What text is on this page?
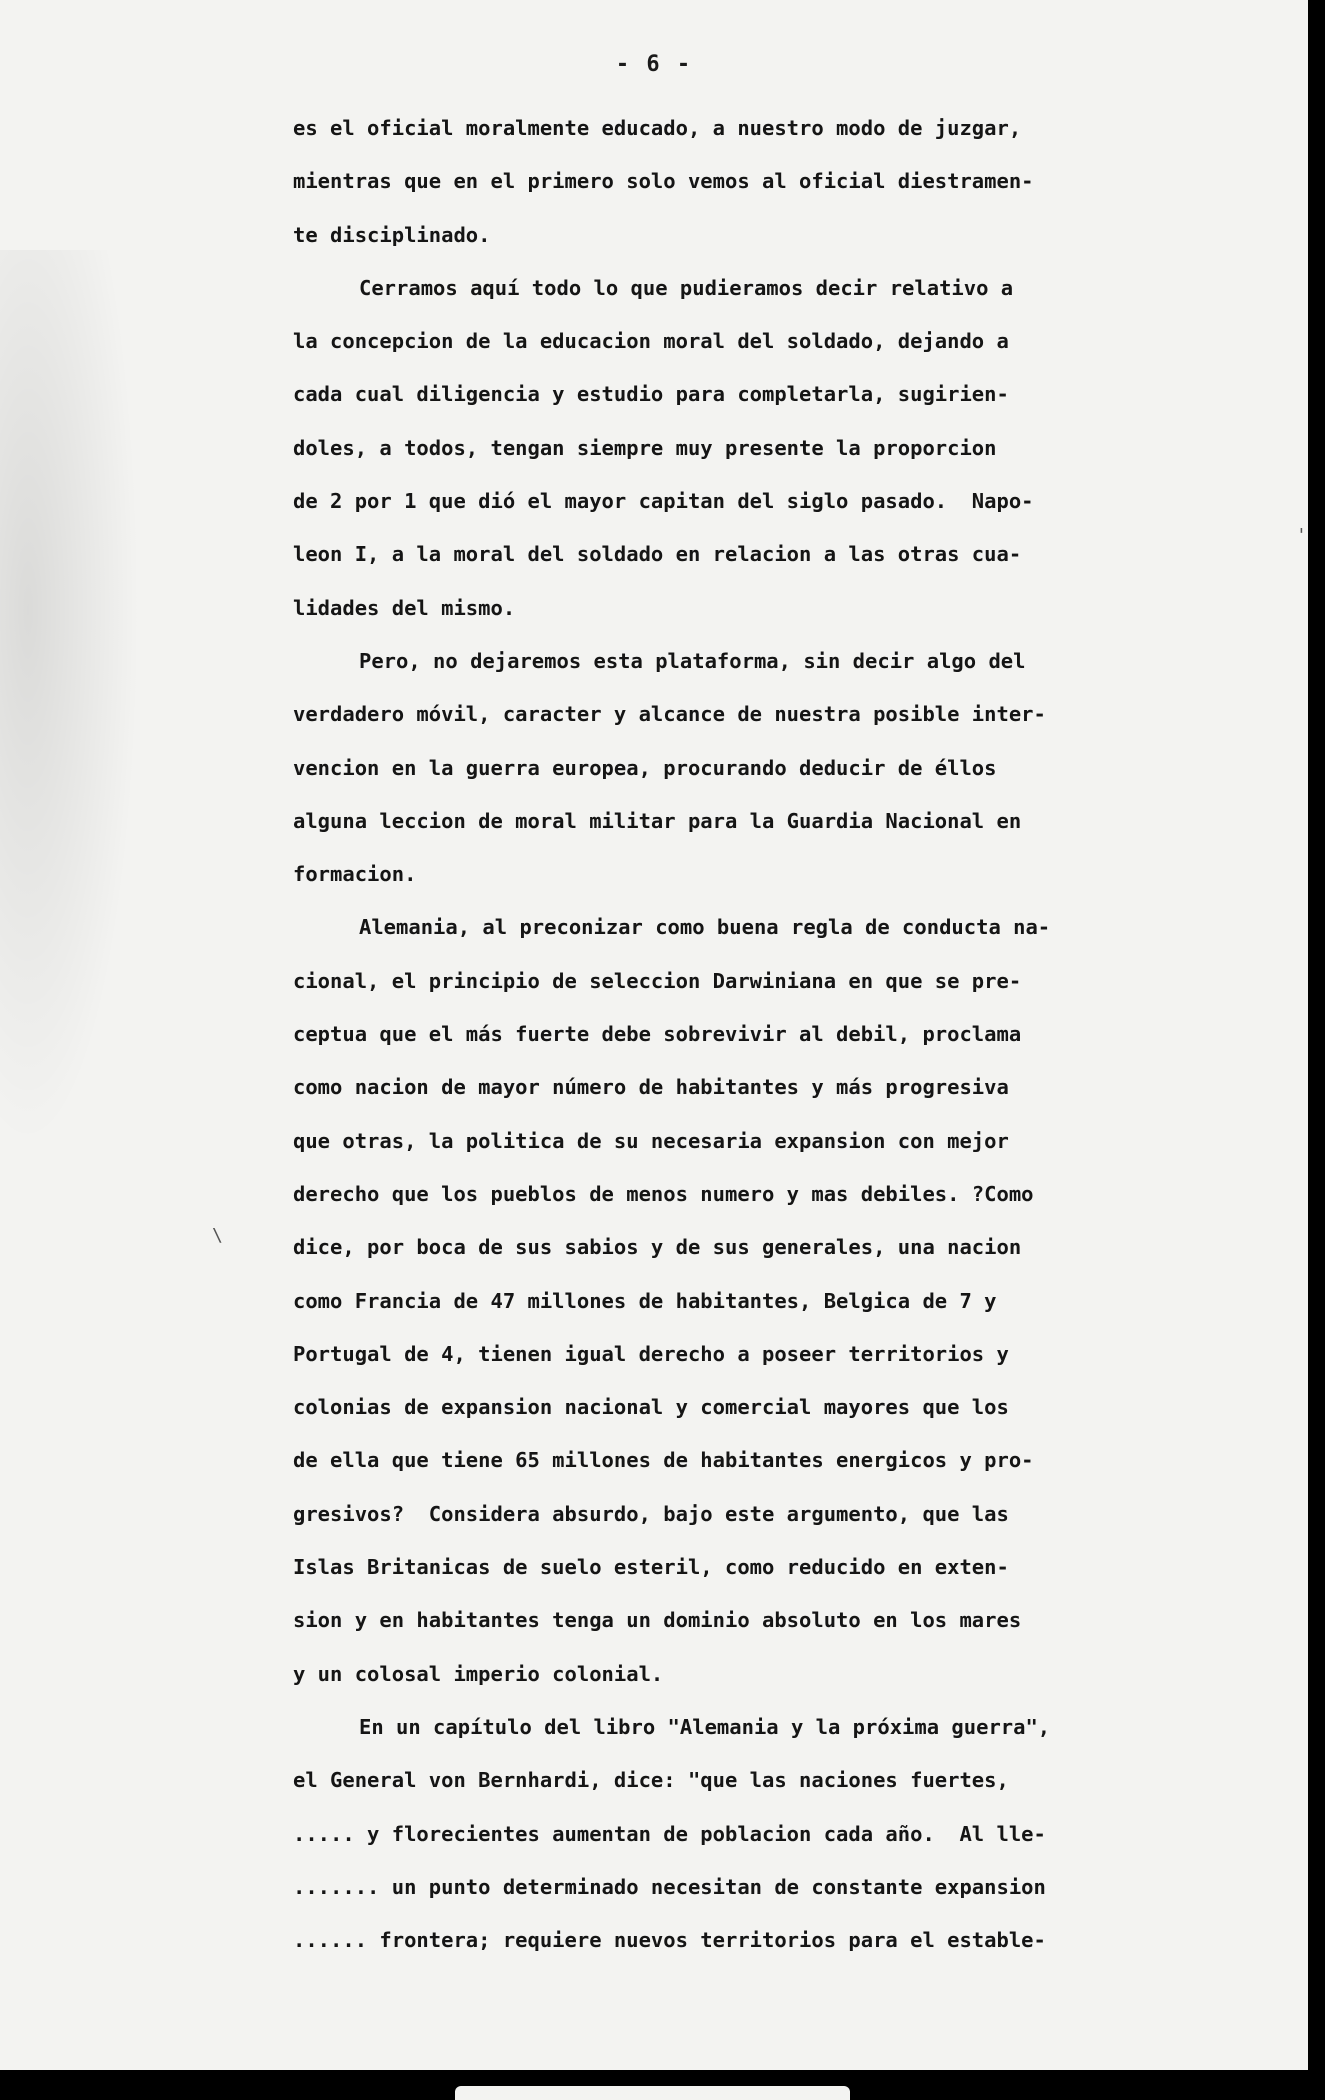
- 6 -
es el oficial moralmente educado, a nuestro modo de juzgar,
mientras que en el primero solo vemos al oficial diestramen-
te disciplinado.
Cerramos aquí todo lo que pudieramos decir relativo a
la concepcion de la educacion moral del soldado, dejando a
cada cual diligencia y estudio para completarla, sugirien-
doles, a todos, tengan siempre muy presente la proporcion
de 2 por 1 que dió el mayor capitan del siglo pasado.  Napo-
leon I, a la moral del soldado en relacion a las otras cua-
lidades del mismo.
Pero, no dejaremos esta plataforma, sin decir algo del
verdadero móvil, caracter y alcance de nuestra posible inter-
vencion en la guerra europea, procurando deducir de éllos
alguna leccion de moral militar para la Guardia Nacional en
formacion.
Alemania, al preconizar como buena regla de conducta na-
cional, el principio de seleccion Darwiniana en que se pre-
ceptua que el más fuerte debe sobrevivir al debil, proclama
como nacion de mayor número de habitantes y más progresiva
que otras, la politica de su necesaria expansion con mejor
derecho que los pueblos de menos numero y mas debiles. ?Como
dice, por boca de sus sabios y de sus generales, una nacion
como Francia de 47 millones de habitantes, Belgica de 7 y
Portugal de 4, tienen igual derecho a poseer territorios y
colonias de expansion nacional y comercial mayores que los
de ella que tiene 65 millones de habitantes energicos y pro-
gresivos?  Considera absurdo, bajo este argumento, que las
Islas Britanicas de suelo esteril, como reducido en exten-
sion y en habitantes tenga un dominio absoluto en los mares
y un colosal imperio colonial.
En un capítulo del libro "Alemania y la próxima guerra",
el General von Bernhardi, dice: "que las naciones fuertes,
..... y florecientes aumentan de poblacion cada año.  Al lle-
....... un punto determinado necesitan de constante expansion
...... frontera; requiere nuevos territorios para el estable-
\
'
